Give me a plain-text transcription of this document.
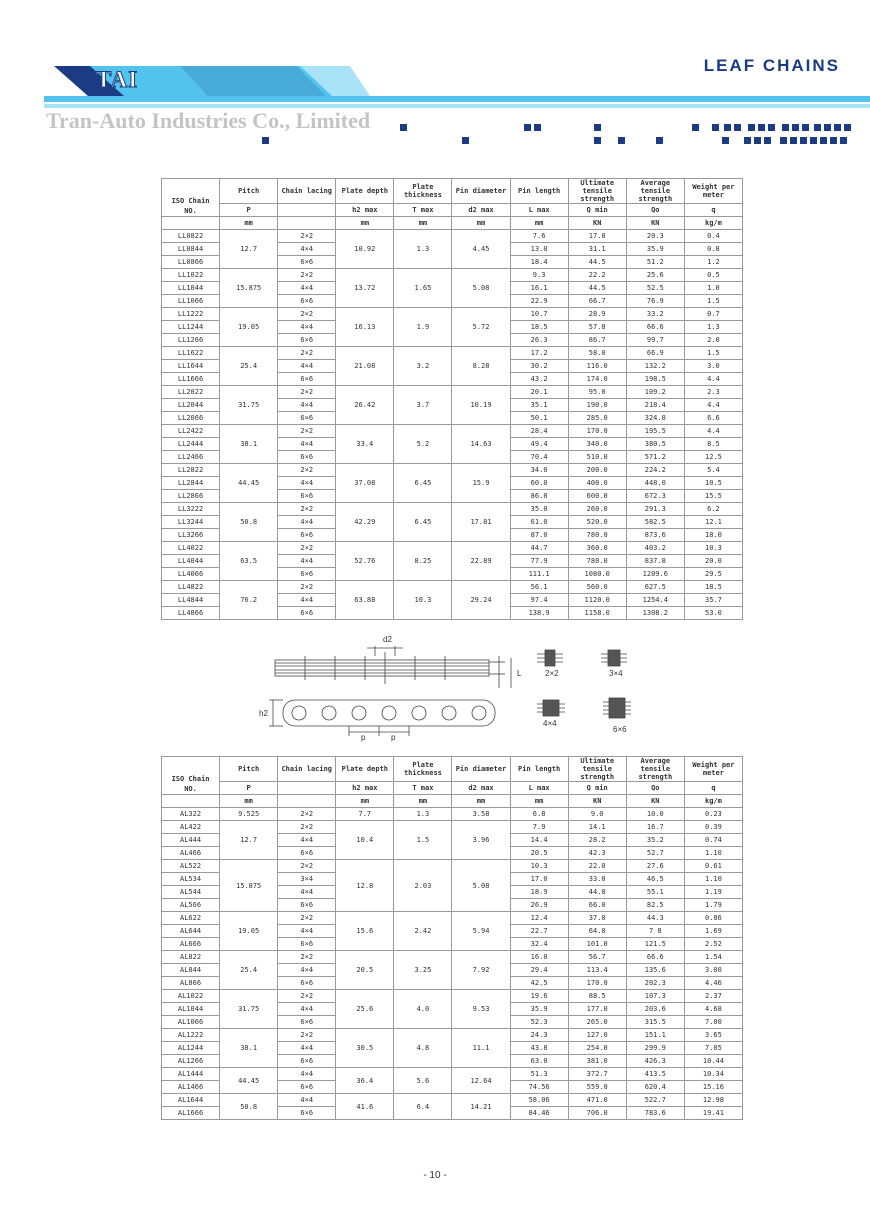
TAI
LEAF CHAINS
Tran-Auto Industries Co., Limited
ISO Chain
NO.	Pitch	Chain lacing	Plate depth	Plate
thickness	Pin diameter	Pin length	Ultimate
tensile
strength	Average
tensile
strength	Weight per
meter
	P		h2 max	T max	d2 max	L max	Q min	Qo	q
	mm		mm	mm	mm	mm	KN	KN	kg/m
LL0822	12.7	2×2	10.92	1.3	4.45	7.6	17.8	20.3	0.4
LL0844		4×4				13.0	31.1	35.9	0.8
LL0866		6×6				18.4	44.5	51.2	1.2
LL1022	15.875	2×2	13.72	1.65	5.08	9.3	22.2	25.6	0.5
LL1044		4×4				16.1	44.5	52.5	1.0
LL1066		6×6				22.9	66.7	76.9	1.5
LL1222	19.05	2×2	16.13	1.9	5.72	10.7	28.9	33.2	0.7
LL1244		4×4				18.5	57.8	66.6	1.3
LL1266		6×6				26.3	86.7	99.7	2.0
LL1622	25.4	2×2	21.08	3.2	8.28	17.2	58.0	66.9	1.5
LL1644		4×4				30.2	116.0	132.2	3.0
LL1666		6×6				43.2	174.0	198.5	4.4
LL2022	31.75	2×2	26.42	3.7	10.19	20.1	95.0	109.2	2.3
LL2044		4×4				35.1	190.0	218.4	4.4
LL2066		6×6				50.1	285.0	324.8	6.6
LL2422	38.1	2×2	33.4	5.2	14.63	28.4	170.0	195.5	4.4
LL2444		4×4				49.4	340.0	380.5	8.5
LL2466		6×6				70.4	510.0	571.2	12.5
LL2822	44.45	2×2	37.08	6.45	15.9	34.0	200.0	224.2	5.4
LL2844		4×4				60.0	400.0	448.0	10.5
LL2866		6×6				86.0	600.0	672.3	15.5
LL3222	50.8	2×2	42.29	6.45	17.81	35.0	260.0	291.3	6.2
LL3244		4×4				61.0	520.0	582.5	12.1
LL3266		6×6				87.0	780.0	873.6	18.0
LL4022	63.5	2×2	52.76	8.25	22.89	44.7	360.0	403.2	10.3
LL4044		4×4				77.9	780.0	837.8	20.0
LL4066		6×6				111.1	1080.0	1209.6	29.5
LL4822	76.2	2×2	63.88	10.3	29.24	56.1	560.0	627.5	18.5
LL4844		4×4				97.4	1120.0	1254.4	35.7
LL4866		6×6				138.9	1158.0	1308.2	53.0
d2
h2
p	p
L	2×2	3×4
4×4
6×6
ISO Chain
NO.	Pitch	Chain lacing	Plate depth	Plate
thickness	Pin diameter	Pin length	Ultimate
tensile
strength	Average
tensile
strength	Weight per
meter
	P		h2 max	T max	d2 max	L max	Q min	Qo	q
	mm		mm	mm	mm	mm	KN	KN	kg/m
AL322	9.525	2×2	7.7	1.3	3.58	6.8	9.0	10.0	0.23
AL422	12.7	2×2	10.4	1.5	3.96	7.9	14.1	16.7	0.39
AL444		4×4				14.4	28.2	35.2	0.74
AL466		6×6				20.5	42.3	52.7	1.10
AL522	15.875	2×2	12.8	2.03	5.08	10.3	22.0	27.6	0.61
AL534		3×4				17.0	33.0	46.5	1.10
AL544		4×4				18.9	44.0	55.1	1.19
AL566		6×6				26.9	66.0	82.5	1.79
AL622	19.05	2×2	15.6	2.42	5.94	12.4	37.0	44.3	0.86
AL644		4×4				22.7	64.0	7 8	1.69
AL666		6×6				32.4	101.0	121.5	2.52
AL822	25.4	2×2	20.5	3.25	7.92	16.0	56.7	66.6	1.54
AL844		4×4				29.4	113.4	135.6	3.00
AL866		6×6				42.5	170.0	202.3	4.46
AL1022	31.75	2×2	25.6	4.0	9.53	19.6	88.5	107.3	2.37
AL1044		4×4				35.9	177.0	203.6	4.68
AL1066		6×6				52.3	265.0	315.5	7.00
AL1222	38.1	2×2	30.5	4.8	11.1	24.3	127.0	151.1	3.65
AL1244		4×4				43.8	254.0	299.9	7.05
AL1266		6×6				63.0	381.0	426.3	10.44
AL1444	44.45	4×4	36.4	5.6	12.64	51.3	372.7	413.5	10.34
AL1466		6×6				74.56	559.0	620.4	15.16
AL1644	50.8	4×4	41.6	6.4	14.21	58.06	471.0	522.7	12.98
AL1666		6×6				84.46	706.0	783.6	19.41
- 10 -
